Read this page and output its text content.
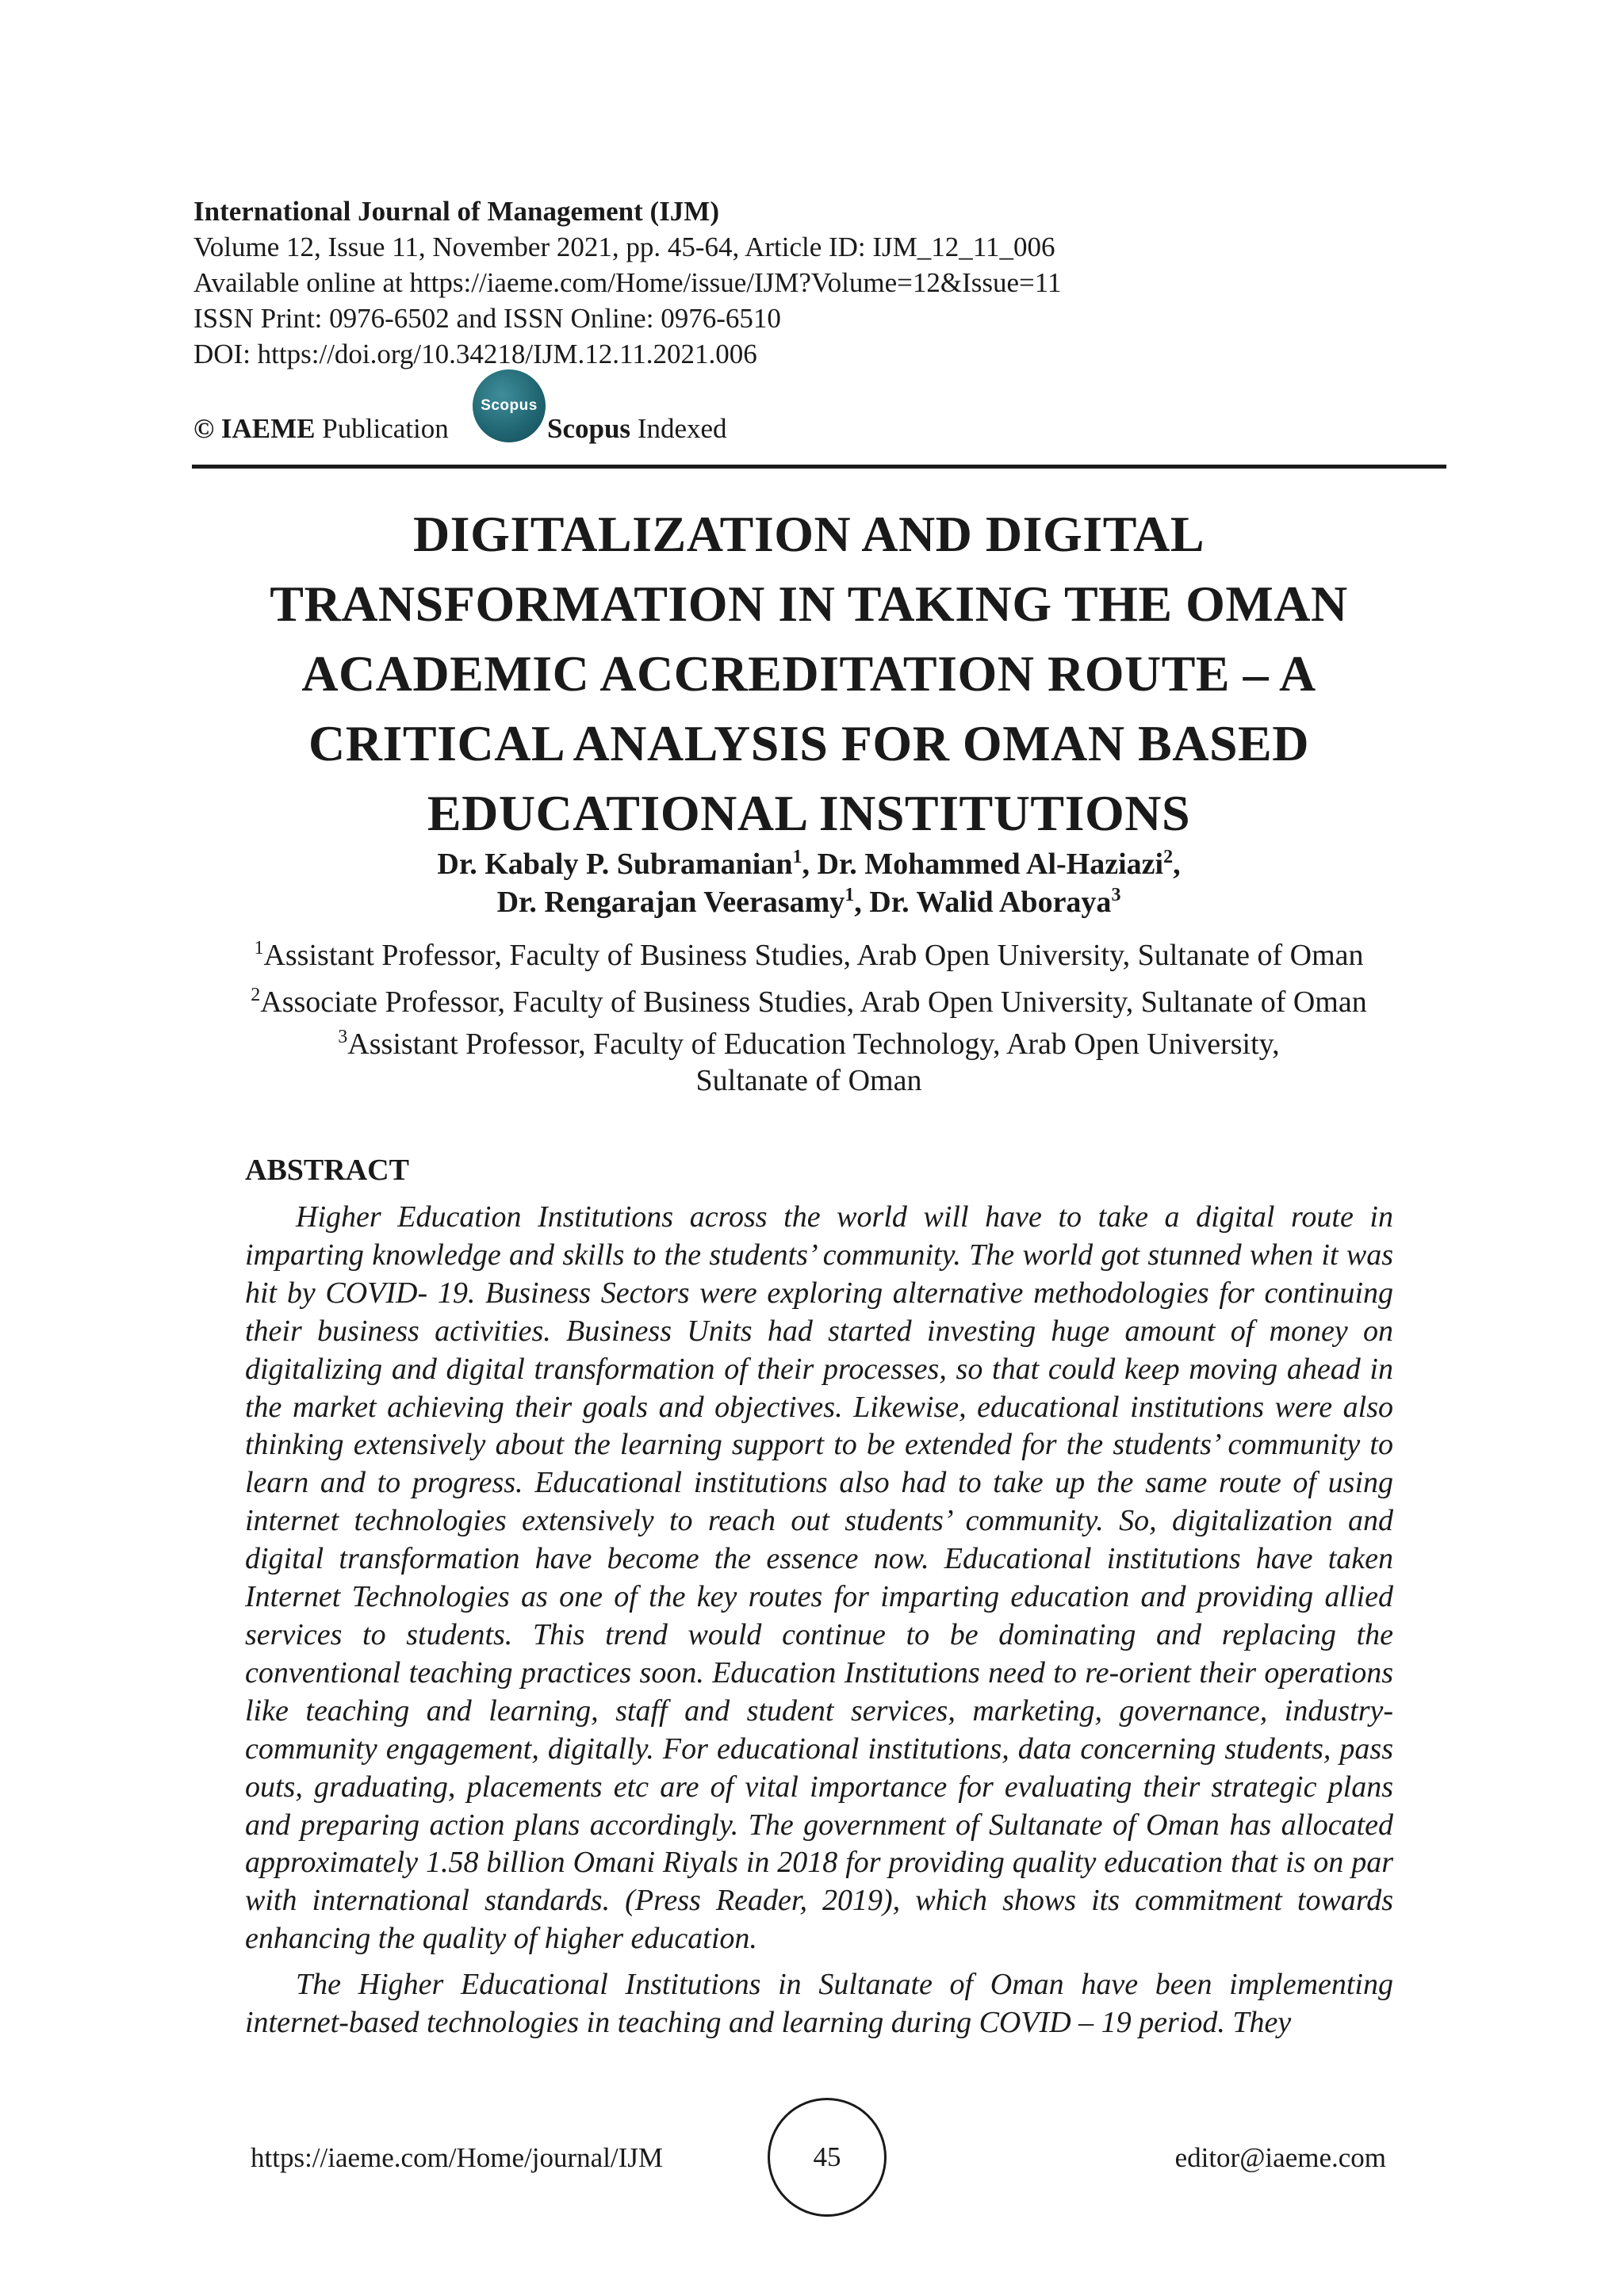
International Journal of Management (IJM)
Volume 12, Issue 11, November 2021, pp. 45-64, Article ID: IJM_12_11_006
Available online at https://iaeme.com/Home/issue/IJM?Volume=12&Issue=11
ISSN Print: 0976-6502 and ISSN Online: 0976-6510
DOI: https://doi.org/10.34218/IJM.12.11.2021.006
©
IAEME
Publication
Scopus
Scopus Indexed
DIGITALIZATION AND DIGITAL
TRANSFORMATION IN TAKING THE OMAN
ACADEMIC ACCREDITATION ROUTE – A
CRITICAL ANALYSIS FOR OMAN BASED
EDUCATIONAL INSTITUTIONS
Dr. Kabaly P. Subramanian$^1$, Dr. Mohammed Al-Haziazi$^2$,
Dr. Rengarajan Veerasamy$^1$, Dr. Walid Aboraya$^3$
$^1$Assistant Professor, Faculty of Business Studies, Arab Open University, Sultanate of Oman
$^2$Associate Professor, Faculty of Business Studies, Arab Open University, Sultanate of Oman
$^3$Assistant Professor, Faculty of Education Technology, Arab Open University,
Sultanate of Oman
ABSTRACT

Higher Education Institutions across the world will have to take a digital route in imparting knowledge and skills to the students’ community. The world got stunned when it was hit by COVID- 19. Business Sectors were exploring alternative methodologies for continuing their business activities. Business Units had started investing huge amount of money on digitalizing and digital transformation of their processes, so that could keep moving ahead in the market achieving their goals and objectives. Likewise, educational institutions were also thinking extensively about the learning support to be extended for the students’ community to learn and to progress. Educational institutions also had to take up the same route of using internet technologies extensively to reach out students’ community. So, digitalization and digital transformation have become the essence now. Educational institutions have taken Internet Technologies as one of the key routes for imparting education and providing allied services to students. This trend would continue to be dominating and replacing the conventional teaching practices soon. Education Institutions need to re-orient their operations like teaching and learning, staff and student services, marketing, governance, industry-community engagement, digitally. For educational institutions, data concerning students, pass outs, graduating, placements etc are of vital importance for evaluating their strategic plans and preparing action plans accordingly. The government of Sultanate of Oman has allocated approximately 1.58 billion Omani Riyals in 2018 for providing quality education that is on par with international standards. (Press Reader, 2019), which shows its commitment towards enhancing the quality of higher education.

The Higher Educational Institutions in Sultanate of Oman have been implementing internet-based technologies in teaching and learning during COVID – 19 period. They

https://iaeme.com/Home/journal/IJM	45	editor@iaeme.com
